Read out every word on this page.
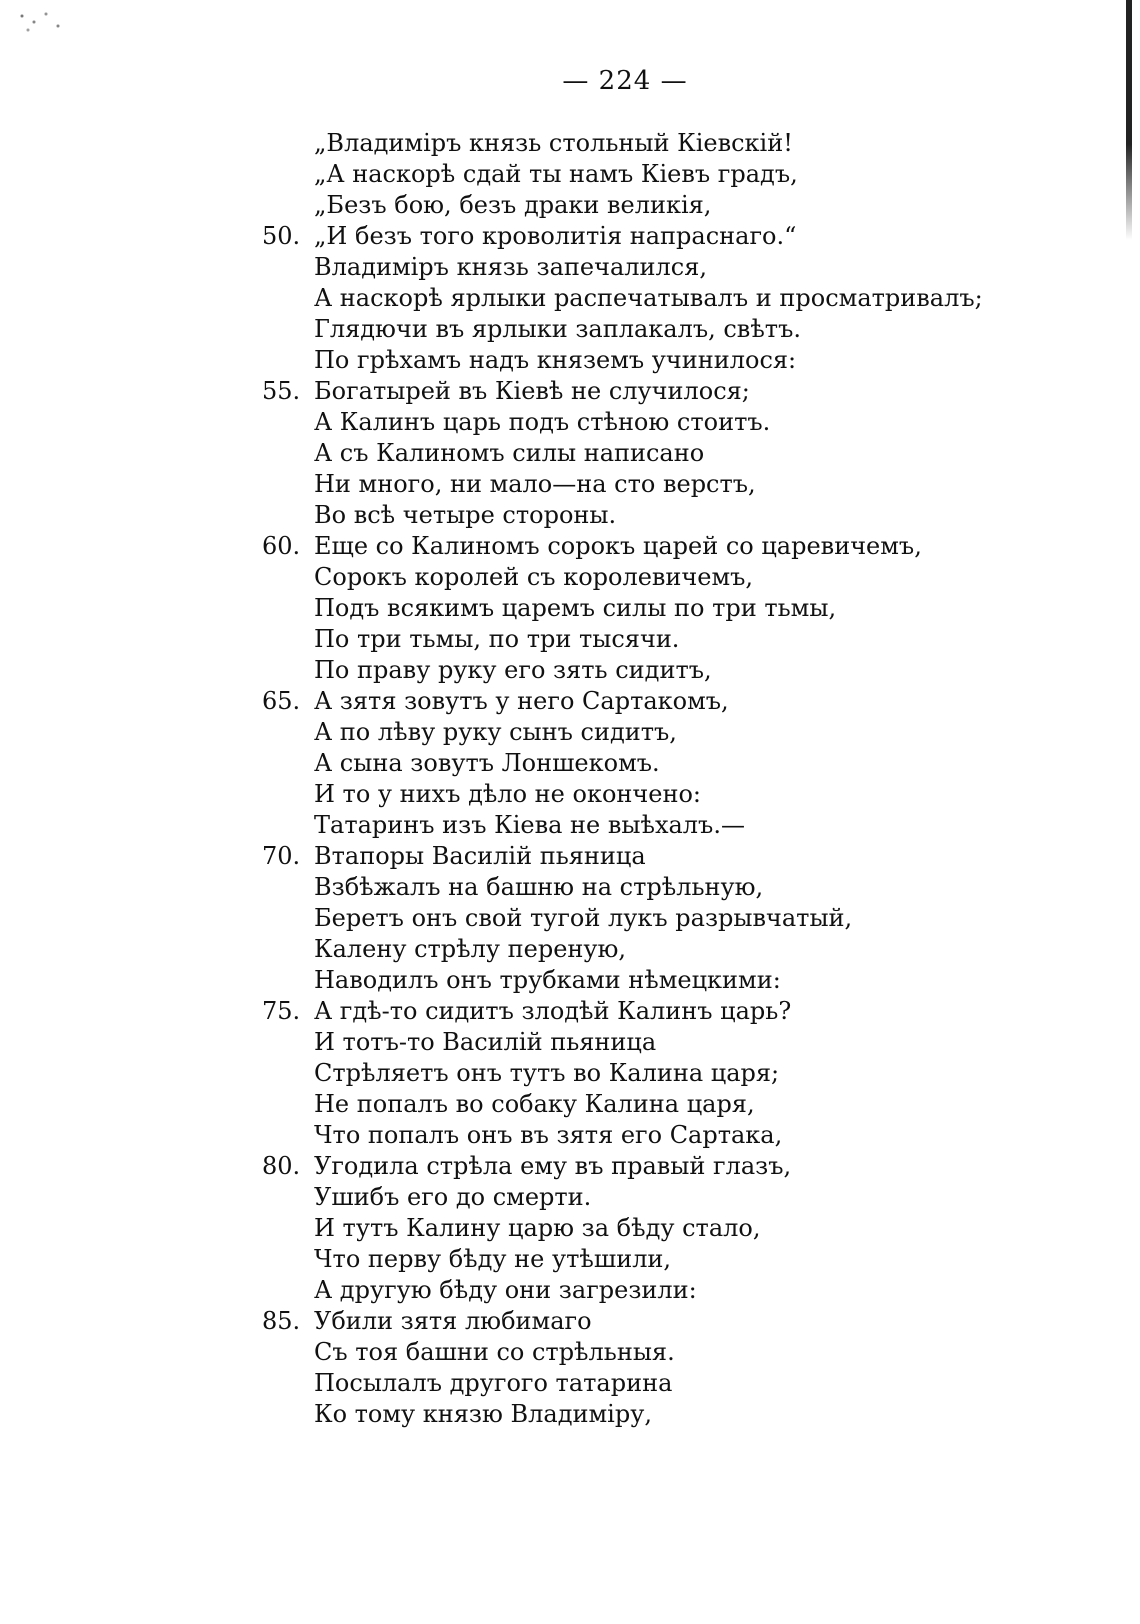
— 224 —
„Владиміръ князь стольный Кіевскій!
„А наскорѣ сдай ты намъ Кіевъ градъ,
„Безъ бою, безъ драки великія,
50. „И безъ того кроволитія напраснаго.“
Владиміръ князь запечалился,
А наскорѣ ярлыки распечатывалъ и просматривалъ;
Глядючи въ ярлыки заплакалъ, свѣтъ.
По грѣхамъ надъ княземъ учинилося:
55. Богатырей въ Кіевѣ не случилося;
А Калинъ царь подъ стѣною стоитъ.
А съ Калиномъ силы написано
Ни много, ни мало—на сто верстъ,
Во всѣ четыре стороны.
60. Еще со Калиномъ сорокъ царей со царевичемъ,
Сорокъ королей съ королевичемъ,
Подъ всякимъ царемъ силы по три тьмы,
По три тьмы, по три тысячи.
По праву руку его зять сидитъ,
65. А зятя зовутъ у него Сартакомъ,
А по лѣву руку сынъ сидитъ,
А сына зовутъ Лоншекомъ.
И то у нихъ дѣло не окончено:
Татаринъ изъ Кіева не выѣхалъ.—
70. Втапоры Василій пьяница
Взбѣжалъ на башню на стрѣльную,
Беретъ онъ свой тугой лукъ разрывчатый,
Калену стрѣлу переную,
Наводилъ онъ трубками нѣмецкими:
75. А гдѣ-то сидитъ злодѣй Калинъ царь?
И тотъ-то Василій пьяница
Стрѣляетъ онъ тутъ во Калина царя;
Не попалъ во собаку Калина царя,
Что попалъ онъ въ зятя его Сартака,
80. Угодила стрѣла ему въ правый глазъ,
Ушибъ его до смерти.
И тутъ Калину царю за бѣду стало,
Что перву бѣду не утѣшили,
А другую бѣду они загрезили:
85. Убили зятя любимаго
Съ тоя башни со стрѣльныя.
Посылалъ другого татарина
Ко тому князю Владиміру,
